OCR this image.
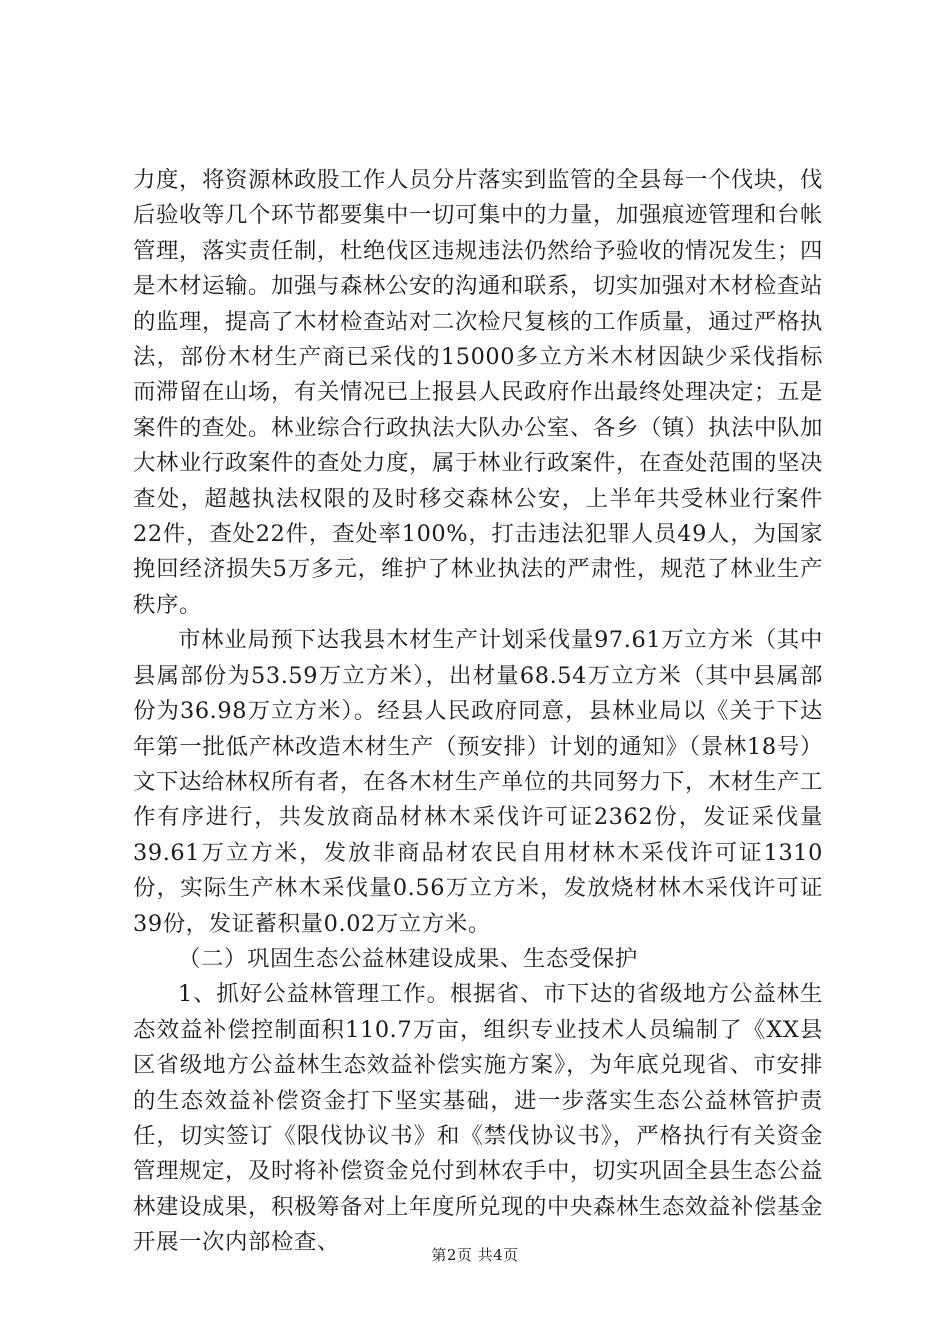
力度，将资源林政股工作人员分片落实到监管的全县每一个伐块，伐后验收等几个环节都要集中一切可集中的力量，加强痕迹管理和台帐管理，落实责任制，杜绝伐区违规违法仍然给予验收的情况发生；四是木材运输。加强与森林公安的沟通和联系，切实加强对木材检查站的监理，提高了木材检查站对二次检尺复核的工作质量，通过严格执法，部份木材生产商已采伐的15000多立方米木材因缺少采伐指标而滞留在山场，有关情况已上报县人民政府作出最终处理决定；五是案件的查处。林业综合行政执法大队办公室、各乡（镇）执法中队加大林业行政案件的查处力度，属于林业行政案件，在查处范围的坚决查处，超越执法权限的及时移交森林公安，上半年共受林业行案件22件，查处22件，查处率100%，打击违法犯罪人员49人，为国家挽回经济损失5万多元，维护了林业执法的严肃性，规范了林业生产秩序。

市林业局预下达我县木材生产计划采伐量97.61万立方米（其中县属部份为53.59万立方米），出材量68.54万立方米（其中县属部份为36.98万立方米）。经县人民政府同意，县林业局以《关于下达年第一批低产林改造木材生产（预安排）计划的通知》（景林18号）文下达给林权所有者，在各木材生产单位的共同努力下，木材生产工作有序进行，共发放商品材林木采伐许可证2362份，发证采伐量39.61万立方米，发放非商品材农民自用材林木采伐许可证1310份，实际生产林木采伐量0.56万立方米，发放烧材林木采伐许可证39份，发证蓄积量0.02万立方米。

（二）巩固生态公益林建设成果、生态受保护

1、抓好公益林管理工作。根据省、市下达的省级地方公益林生态效益补偿控制面积110.7万亩，组织专业技术人员编制了《XX县区省级地方公益林生态效益补偿实施方案》，为年底兑现省、市安排的生态效益补偿资金打下坚实基础，进一步落实生态公益林管护责任，切实签订《限伐协议书》和《禁伐协议书》，严格执行有关资金管理规定，及时将补偿资金兑付到林农手中，切实巩固全县生态公益林建设成果，积极筹备对上年度所兑现的中央森林生态效益补偿基金开展一次内部检查、	第2页 共4页
